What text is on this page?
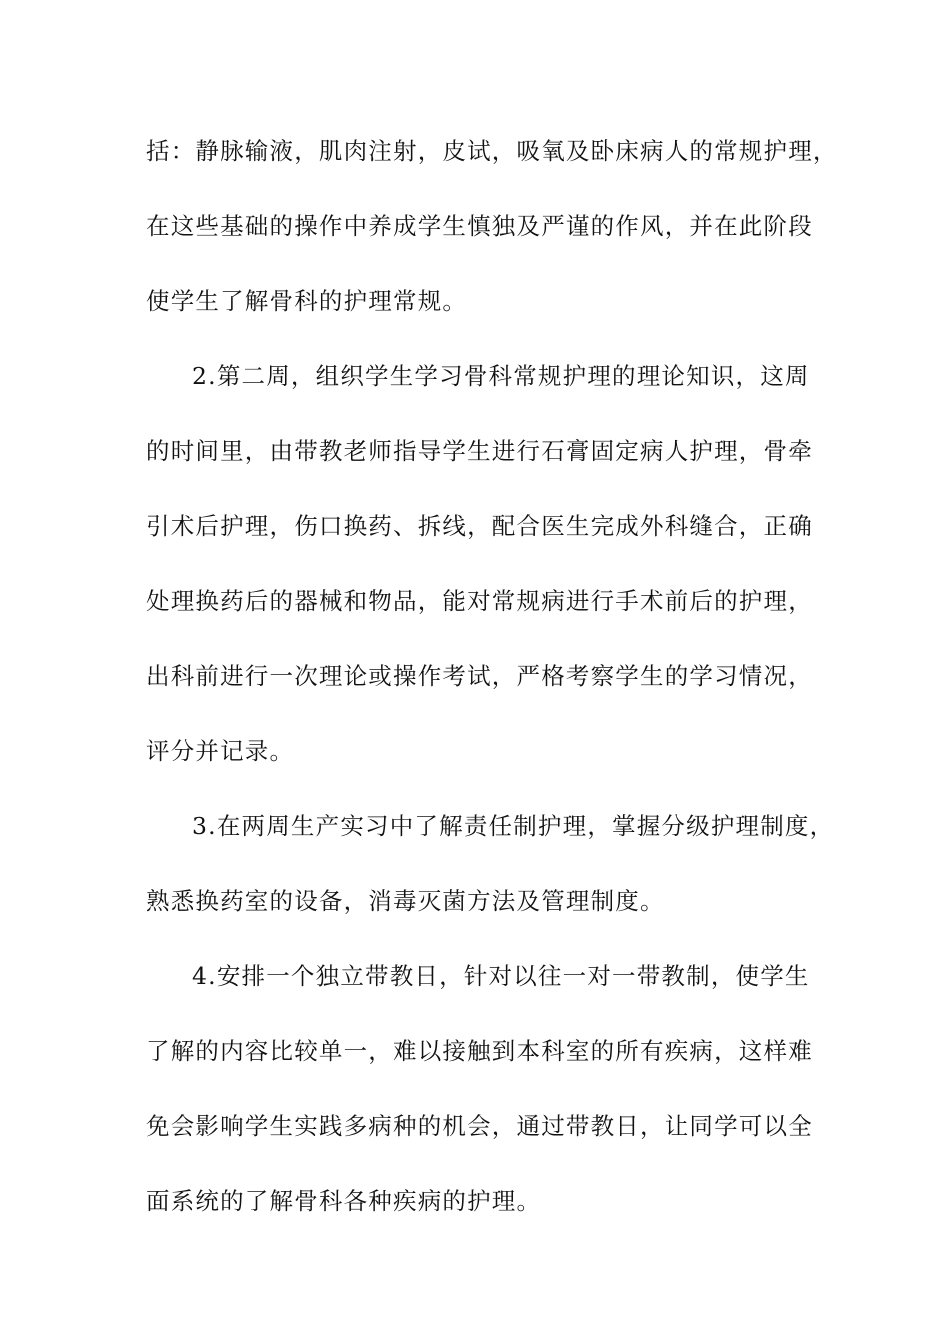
括：静脉输液，肌肉注射，皮试，吸氧及卧床病人的常规护理，
在这些基础的操作中养成学生慎独及严谨的作风，并在此阶段
使学生了解骨科的护理常规。
2.第二周，组织学生学习骨科常规护理的理论知识，这周
的时间里，由带教老师指导学生进行石膏固定病人护理，骨牵
引术后护理，伤口换药、拆线，配合医生完成外科缝合，正确
处理换药后的器械和物品，能对常规病进行手术前后的护理，
出科前进行一次理论或操作考试，严格考察学生的学习情况，
评分并记录。
3.在两周生产实习中了解责任制护理，掌握分级护理制度，
熟悉换药室的设备，消毒灭菌方法及管理制度。
4.安排一个独立带教日，针对以往一对一带教制，使学生
了解的内容比较单一，难以接触到本科室的所有疾病，这样难
免会影响学生实践多病种的机会，通过带教日，让同学可以全
面系统的了解骨科各种疾病的护理。
